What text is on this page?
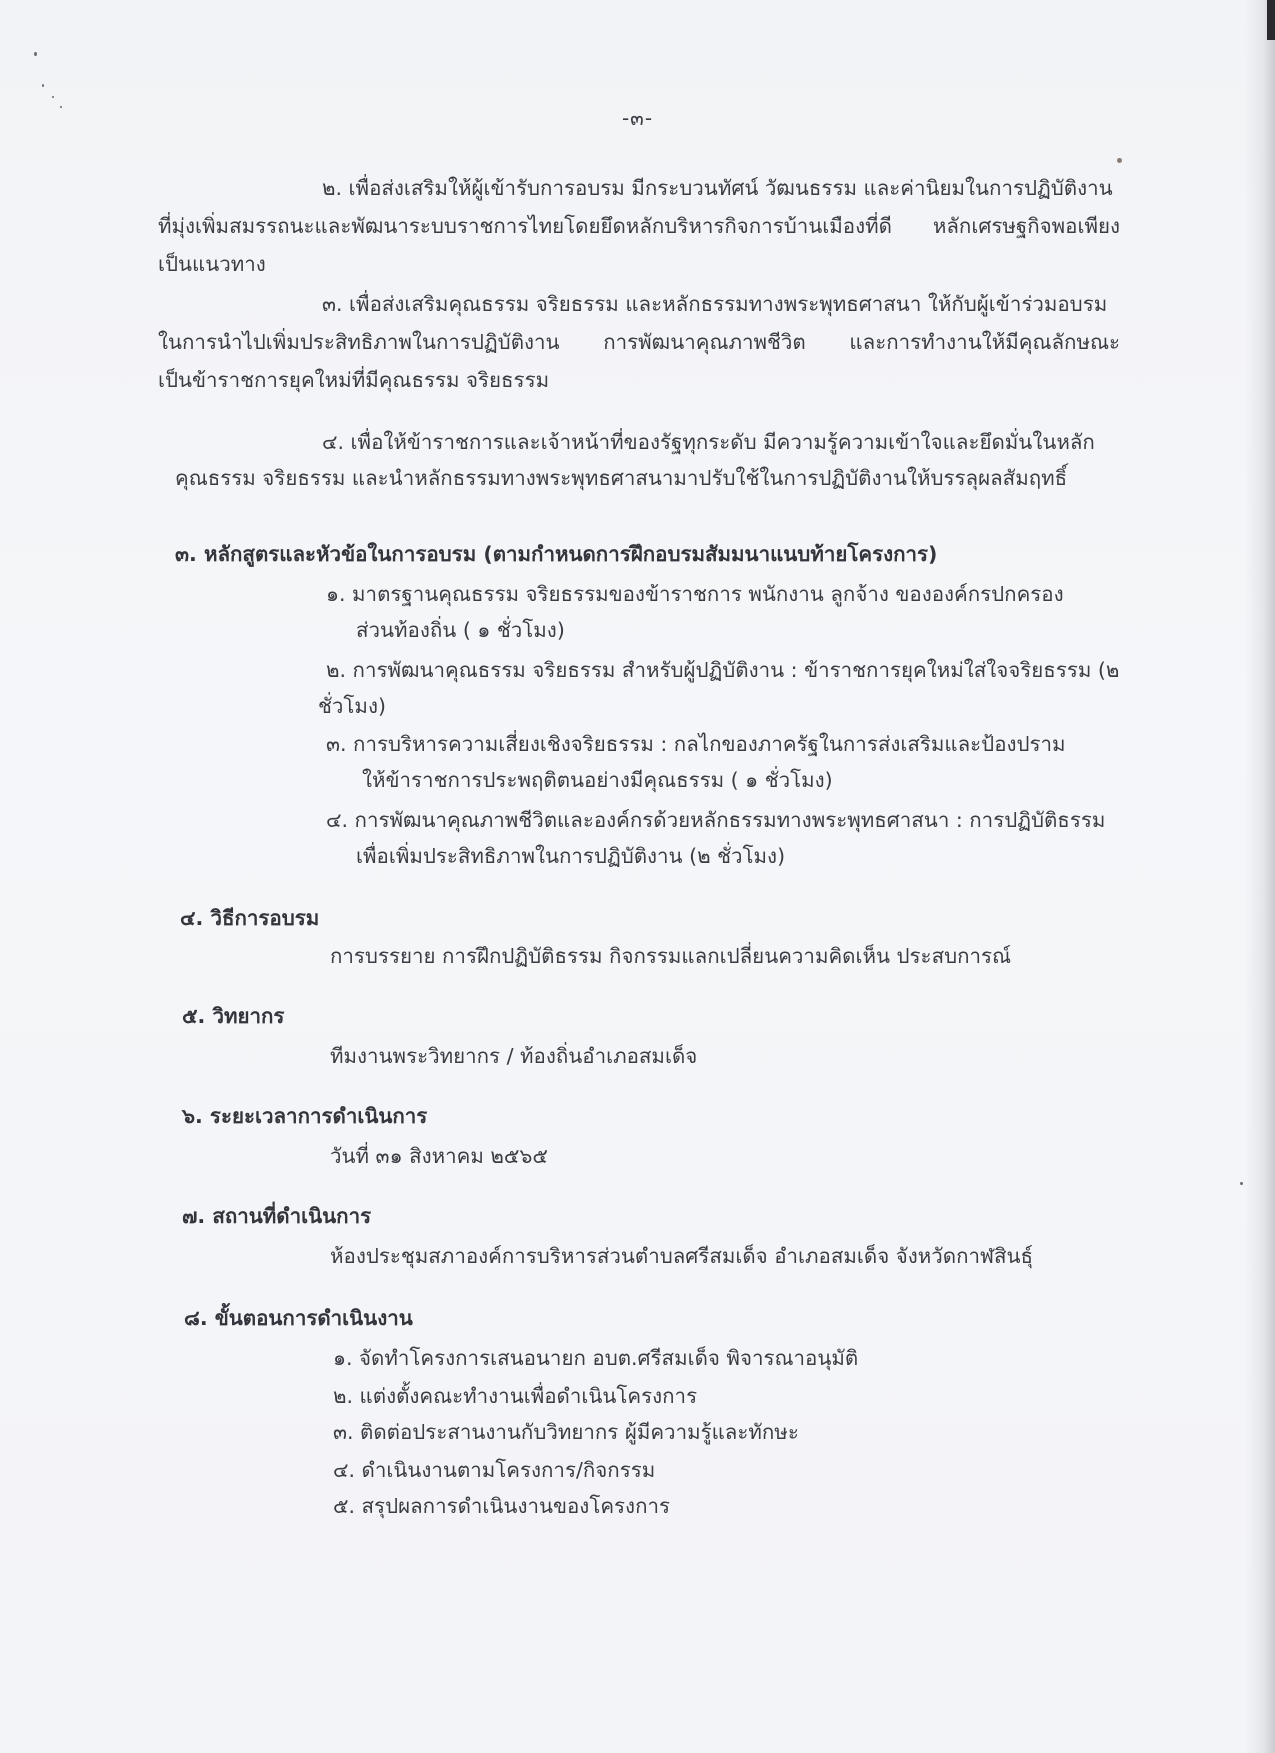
-๓-
๒. เพื่อส่งเสริมให้ผู้เข้ารับการอบรม มีกระบวนทัศน์ วัฒนธรรม และค่านิยมในการปฏิบัติงาน
ที่มุ่งเพิ่มสมรรถนะและพัฒนาระบบราชการไทยโดยยึดหลักบริหารกิจการบ้านเมืองที่ดี หลักเศรษฐกิจพอเพียง
เป็นแนวทาง
๓. เพื่อส่งเสริมคุณธรรม จริยธรรม และหลักธรรมทางพระพุทธศาสนา ให้กับผู้เข้าร่วมอบรม
ในการนำไปเพิ่มประสิทธิภาพในการปฏิบัติงาน การพัฒนาคุณภาพชีวิต และการทำงานให้มีคุณลักษณะ
เป็นข้าราชการยุคใหม่ที่มีคุณธรรม จริยธรรม
๔. เพื่อให้ข้าราชการและเจ้าหน้าที่ของรัฐทุกระดับ มีความรู้ความเข้าใจและยึดมั่นในหลัก
คุณธรรม จริยธรรม และนำหลักธรรมทางพระพุทธศาสนามาปรับใช้ในการปฏิบัติงานให้บรรลุผลสัมฤทธิ์
๓. หลักสูตรและหัวข้อในการอบรม (ตามกำหนดการฝึกอบรมสัมมนาแนบท้ายโครงการ)
๑. มาตรฐานคุณธรรม จริยธรรมของข้าราชการ พนักงาน ลูกจ้าง ขององค์กรปกครอง
ส่วนท้องถิ่น ( ๑ ชั่วโมง)
๒. การพัฒนาคุณธรรม จริยธรรม สำหรับผู้ปฏิบัติงาน : ข้าราชการยุคใหม่ใส่ใจจริยธรรม (๒
ชั่วโมง)
๓. การบริหารความเสี่ยงเชิงจริยธรรม : กลไกของภาครัฐในการส่งเสริมและป้องปราม
ให้ข้าราชการประพฤติตนอย่างมีคุณธรรม ( ๑ ชั่วโมง)
๔. การพัฒนาคุณภาพชีวิตและองค์กรด้วยหลักธรรมทางพระพุทธศาสนา : การปฏิบัติธรรม
เพื่อเพิ่มประสิทธิภาพในการปฏิบัติงาน (๒ ชั่วโมง)
๔. วิธีการอบรม
การบรรยาย การฝึกปฏิบัติธรรม กิจกรรมแลกเปลี่ยนความคิดเห็น ประสบการณ์
๕. วิทยากร
ทีมงานพระวิทยากร / ท้องถิ่นอำเภอสมเด็จ
๖. ระยะเวลาการดำเนินการ
วันที่ ๓๑ สิงหาคม ๒๕๖๕
๗. สถานที่ดำเนินการ
ห้องประชุมสภาองค์การบริหารส่วนตำบลศรีสมเด็จ อำเภอสมเด็จ จังหวัดกาฬสินธุ์
๘. ขั้นตอนการดำเนินงาน
๑. จัดทำโครงการเสนอนายก อบต.ศรีสมเด็จ พิจารณาอนุมัติ
๒. แต่งตั้งคณะทำงานเพื่อดำเนินโครงการ
๓. ติดต่อประสานงานกับวิทยากร ผู้มีความรู้และทักษะ
๔. ดำเนินงานตามโครงการ/กิจกรรม
๕. สรุปผลการดำเนินงานของโครงการ
